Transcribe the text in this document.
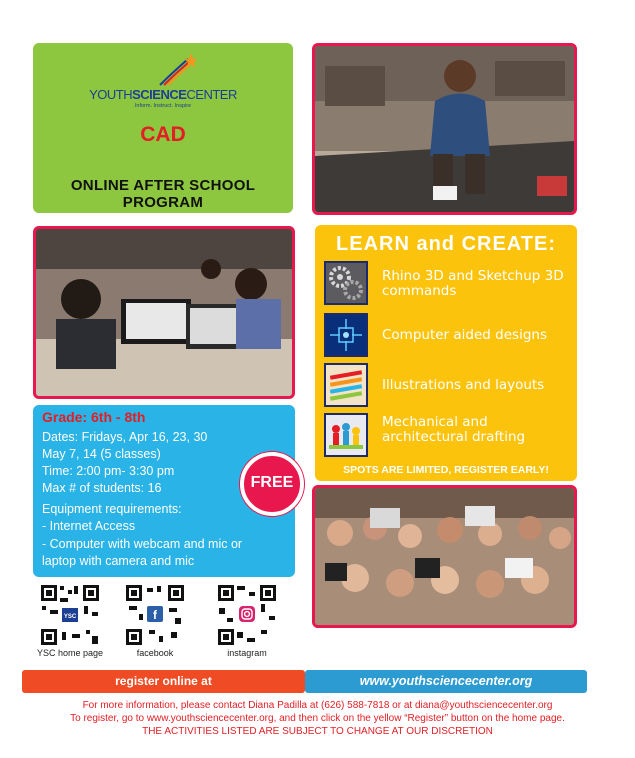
YOUTHSCIENCECENTER
Inform. Instruct. Inspire
CAD
ONLINE AFTER SCHOOL PROGRAM
LEARN and CREATE:
Rhino 3D and Sketchup 3D commands
Computer aided designs
Illustrations and layouts
Mechanical and architectural drafting
SPOTS ARE LIMITED, REGISTER EARLY!
Grade: 6th - 8th
Dates: Fridays, Apr 16, 23, 30
May 7, 14 (5 classes)
Time: 2:00 pm- 3:30 pm
Max # of students: 16
Equipment requirements:
- Internet Access
- Computer with webcam and mic or
laptop with camera and mic
FREE
YSC
YSC home page
f
facebook	instagram
register online at	www.youthsciencecenter.org
For more information, please contact Diana Padilla at (626) 588-7818 or at diana@youthsciencecenter.org
To register, go to www.youthsciencecenter.org, and then click on the yellow “Register” button on the home page.
THE ACTIVITIES LISTED ARE SUBJECT TO CHANGE AT OUR DISCRETION
